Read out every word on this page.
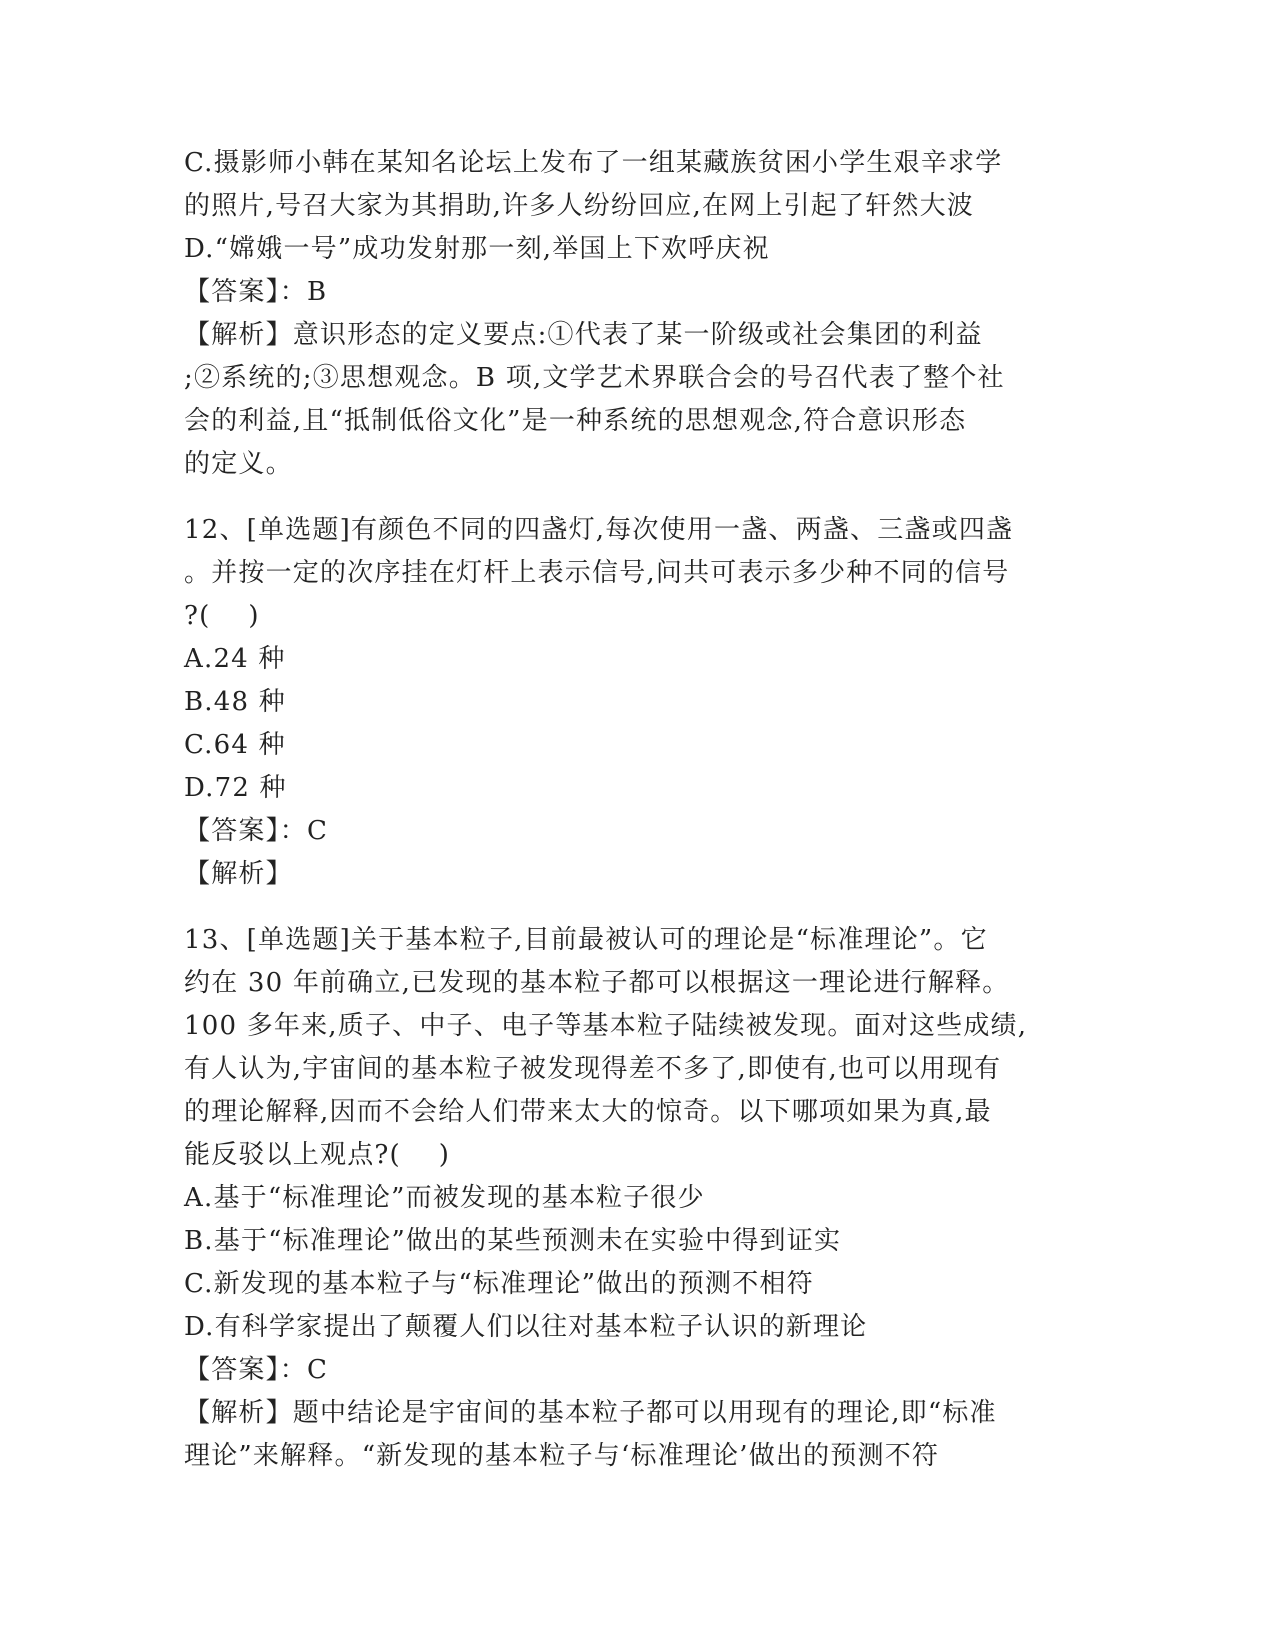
C.摄影师小韩在某知名论坛上发布了一组某藏族贫困小学生艰辛求学
的照片,号召大家为其捐助,许多人纷纷回应,在网上引起了轩然大波
D.“嫦娥一号”成功发射那一刻,举国上下欢呼庆祝
【答案】：B
【解析】意识形态的定义要点:①代表了某一阶级或社会集团的利益
;②系统的;③思想观念。B 项,文学艺术界联合会的号召代表了整个社
会的利益,且“抵制低俗文化”是一种系统的思想观念,符合意识形态
的定义。
12、[单选题]有颜色不同的四盏灯,每次使用一盏、两盏、三盏或四盏
。并按一定的次序挂在灯杆上表示信号,问共可表示多少种不同的信号
?(    )
A.24 种
B.48 种
C.64 种
D.72 种
【答案】：C
【解析】
13、[单选题]关于基本粒子,目前最被认可的理论是“标准理论”。它
约在 30 年前确立,已发现的基本粒子都可以根据这一理论进行解释。
100 多年来,质子、中子、电子等基本粒子陆续被发现。面对这些成绩,
有人认为,宇宙间的基本粒子被发现得差不多了,即使有,也可以用现有
的理论解释,因而不会给人们带来太大的惊奇。以下哪项如果为真,最
能反驳以上观点?(    )
A.基于“标准理论”而被发现的基本粒子很少
B.基于“标准理论”做出的某些预测未在实验中得到证实
C.新发现的基本粒子与“标准理论”做出的预测不相符
D.有科学家提出了颠覆人们以往对基本粒子认识的新理论
【答案】：C
【解析】题中结论是宇宙间的基本粒子都可以用现有的理论,即“标准
理论”来解释。“新发现的基本粒子与‘标准理论’做出的预测不符
